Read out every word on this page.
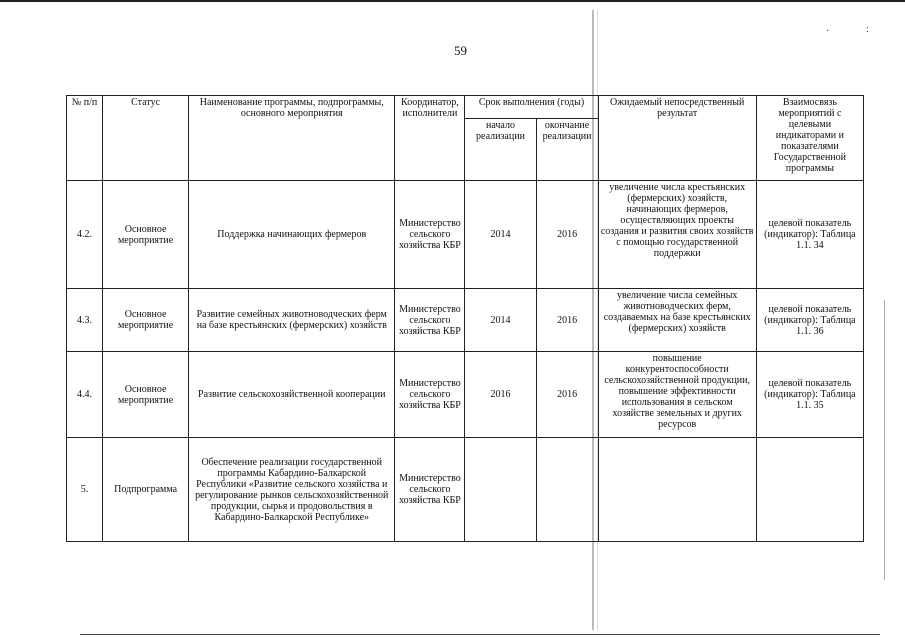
·	:
59
№ п/п	Статус	Наименование программы, подпрограммы, основного мероприятия	Координатор, исполнители	Срок выполнения (годы)		Ожидаемый непосредственный результат	Взаимосвязь мероприятий с целевыми индикаторами и показателями Государственной программы
				начало реализации	окончание реализации		
4.2.	Основное мероприятие	Поддержка начинающих фермеров	Министерство сельского хозяйства КБР	2014	2016	увеличение числа крестьянских (фермерских) хозяйств, начинающих фермеров, осуществляющих проекты создания и развития своих хозяйств с помощью государственной поддержки	целевой показатель (индикатор): Таблица 1.1. 34
4.3.	Основное мероприятие	Развитие семейных животноводческих ферм на базе крестьянских (фермерских) хозяйств	Министерство сельского хозяйства КБР	2014	2016	увеличение числа семейных животноводческих ферм, создаваемых на базе крестьянских (фермерских) хозяйств	целевой показатель (индикатор): Таблица 1.1. 36
4.4.	Основное мероприятие	Развитие сельскохозяйственной кооперации	Министерство сельского хозяйства КБР	2016	2016	повышение конкурентоспособности сельскохозяйственной продукции, повышение эффективности использования в сельском хозяйстве земельных и других ресурсов	целевой показатель (индикатор): Таблица 1.1. 35
5.	Подпрограмма	Обеспечение реализации государственной программы Кабардино-Балкарской Республики «Развитие сельского хозяйства и регулирование рынков сельскохозяйственной продукции, сырья и продовольствия в Кабардино-Балкарской Республике»	Министерство сельского хозяйства КБР				
